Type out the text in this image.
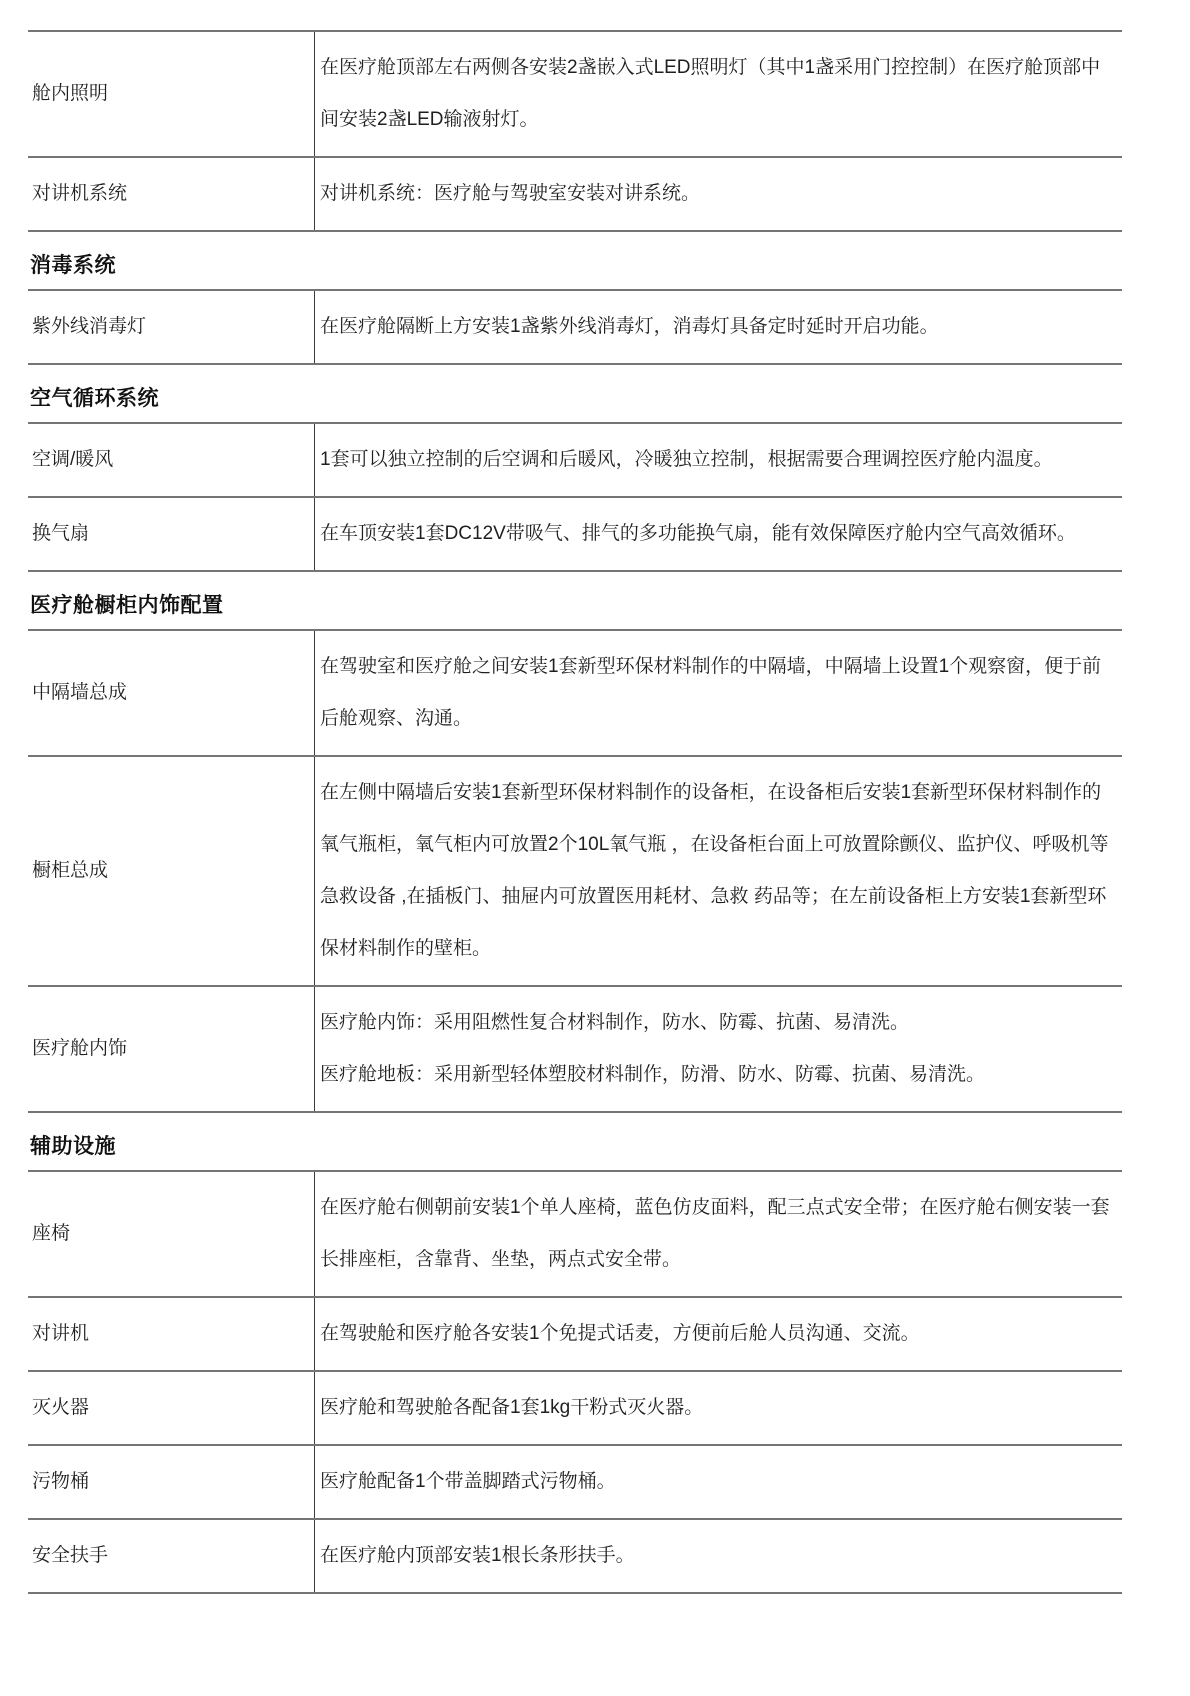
舱内照明	在医疗舱顶部左右两侧各安装2盏嵌入式LED照明灯（其中1盏采用门控控制）在医疗舱顶部中间安装2盏LED输液射灯。

对讲机系统	对讲机系统：医疗舱与驾驶室安装对讲系统。

消毒系统
紫外线消毒灯	在医疗舱隔断上方安装1盏紫外线消毒灯，消毒灯具备定时延时开启功能。

空气循环系统
空调/暖风	1套可以独立控制的后空调和后暖风，冷暖独立控制，根据需要合理调控医疗舱内温度。

换气扇	在车顶安装1套DC12V带吸气、排气的多功能换气扇，能有效保障医疗舱内空气高效循环。

医疗舱橱柜内饰配置
中隔墙总成	在驾驶室和医疗舱之间安装1套新型环保材料制作的中隔墙，中隔墙上设置1个观察窗，便于前后舱观察、沟通。

橱柜总成	在左侧中隔墙后安装1套新型环保材料制作的设备柜，在设备柜后安装1套新型环保材料制作的氧气瓶柜，氧气柜内可放置2个10L氧气瓶 ，在设备柜台面上可放置除颤仪、监护仪、呼吸机等急救设备 ,在插板门、抽屉内可放置医用耗材、急救 药品等；在左前设备柜上方安装1套新型环保材料制作的壁柜。

医疗舱内饰	医疗舱内饰：采用阻燃性复合材料制作，防水、防霉、抗菌、易清洗。

医疗舱地板：采用新型轻体塑胶材料制作，防滑、防水、防霉、抗菌、易清洗。

辅助设施
座椅	在医疗舱右侧朝前安装1个单人座椅，蓝色仿皮面料，配三点式安全带；在医疗舱右侧安装一套长排座柜，含靠背、坐垫，两点式安全带。

对讲机	在驾驶舱和医疗舱各安装1个免提式话麦，方便前后舱人员沟通、交流。

灭火器	医疗舱和驾驶舱各配备1套1kg干粉式灭火器。

污物桶	医疗舱配备1个带盖脚踏式污物桶。

安全扶手	在医疗舱内顶部安装1根长条形扶手。
